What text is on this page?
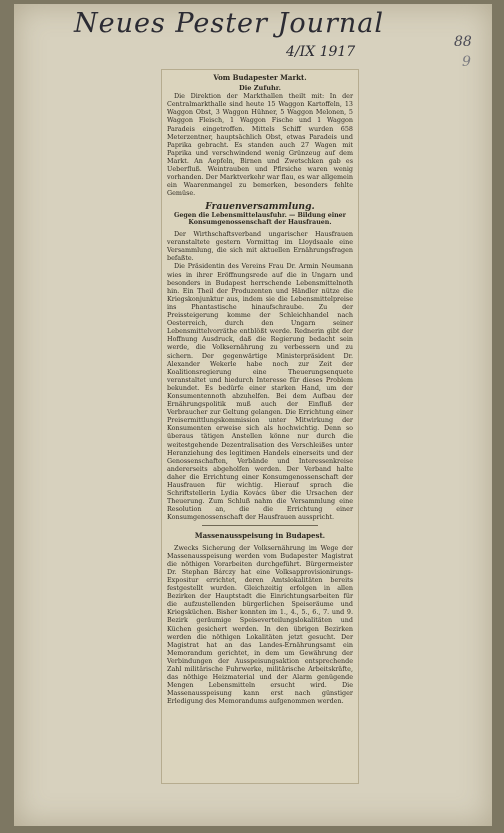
Neues Pester Journal
4/IX 1917
88
9
Vom Budapester Markt.
Die Zufuhr.

Die Direktion der Markthallen theilt mit: In der Centralmarkthalle sind heute 15 Waggon Kartoffeln, 13 Waggon Obst, 3 Waggon Hühner, 5 Waggon Melonen, 5 Waggon Fleisch, 1 Waggon Fische und 1 Waggon Paradeis eingetroffen. Mittels Schiff wurden 658 Meterzentner, hauptsächlich Obst, etwas Paradeis und Paprika gebracht. Es standen auch 27 Wagen mit Paprika und verschwindend wenig Grünzeug auf dem Markt. An Aepfeln, Birnen und Zwetschken gab es Ueberfluß. Weintrauben und Pfirsiche waren wenig vorhanden. Der Marktverkehr war flau, es war allgemein ein Waarenmangel zu bemerken, besonders fehlte Gemüse.

Frauenversammlung.
Gegen die Lebensmittelausfuhr. — Bildung einer Konsumgenossenschaft der Hausfrauen.

Der Wirthschaftsverband ungarischer Hausfrauen veranstaltete gestern Vormittag im Lloydsaale eine Versammlung, die sich mit aktuellen Ernährungsfragen befaßte.

Die Präsidentin des Vereins Frau Dr. Armin Neumann wies in ihrer Eröffnungsrede auf die in Ungarn und besonders in Budapest herrschende Lebensmittelnoth hin. Ein Theil der Produzenten und Händler nütze die Kriegskonjunktur aus, indem sie die Lebensmittelpreise ins Phantastische hinaufschraube. Zu der Preissteigerung komme der Schleichhandel nach Oesterreich, durch den Ungarn seiner Lebensmittelvorräthe entblößt werde. Rednerin gibt der Hoffnung Ausdruck, daß die Regierung bedacht sein werde, die Volksernährung zu verbessern und zu sichern. Der gegenwärtige Ministerpräsident Dr. Alexander Wekerle habe noch zur Zeit der Koalitionsregierung eine Theuerungsenquete veranstaltet und hiedurch Interesse für dieses Problem bekundet. Es bedürfe einer starken Hand, um der Konsumentennoth abzuhelfen. Bei dem Aufbau der Ernährungspolitik muß auch der Einfluß der Verbraucher zur Geltung gelangen. Die Errichtung einer Preisermittlungskommission unter Mitwirkung der Konsumenten erweise sich als hochwichtig. Denn so überaus tätigen Anstellen könne nur durch die weitestgehende Dezentralisation des Verschleißes unter Heranziehung des legitimen Handels einerseits und der Genossenschaften, Verbände und Interessenkreise andererseits abgeholfen werden. Der Verband halte daher die Errichtung einer Konsumgenossenschaft der Hausfrauen für wichtig. Hierauf sprach die Schriftstellerin Lydia Kovács über die Ursachen der Theuerung. Zum Schluß nahm die Versammlung eine Resolution an, die die Errichtung einer Konsumgenossenschaft der Hausfrauen ausspricht.

Massenausspeisung in Budapest.

Zwecks Sicherung der Volksernährung im Wege der Massenausspeisung werden vom Budapester Magistrat die nöthigen Vorarbeiten durchgeführt. Bürgermeister Dr. Stephan Bárczy hat eine Volksapprovisionirungs-Expositur errichtet, deren Amtslokalitäten bereits festgestellt wurden. Gleichzeitig erfolgen in allen Bezirken der Hauptstadt die Einrichtungsarbeiten für die aufzustellenden bürgerlichen Speiseräume und Kriegsküchen. Bisher konnten im 1., 4., 5., 6., 7. und 9. Bezirk geräumige Speiseverteilungslokalitäten und Küchen gesichert werden. In den übrigen Bezirken werden die nöthigen Lokalitäten jetzt gesucht. Der Magistrat hat an das Landes-Ernährungsamt ein Memorandum gerichtet, in dem um Gewährung der Verbindungen der Ausspeisungsaktion entsprechende Zahl militärische Fuhrwerke, militärische Arbeitskräfte, das nöthige Heizmaterial und der Alarm genügende Mengen Lebensmitteln ersucht wird. Die Massenausspeisung kann erst nach günstiger Erledigung des Memorandums aufgenommen werden.
